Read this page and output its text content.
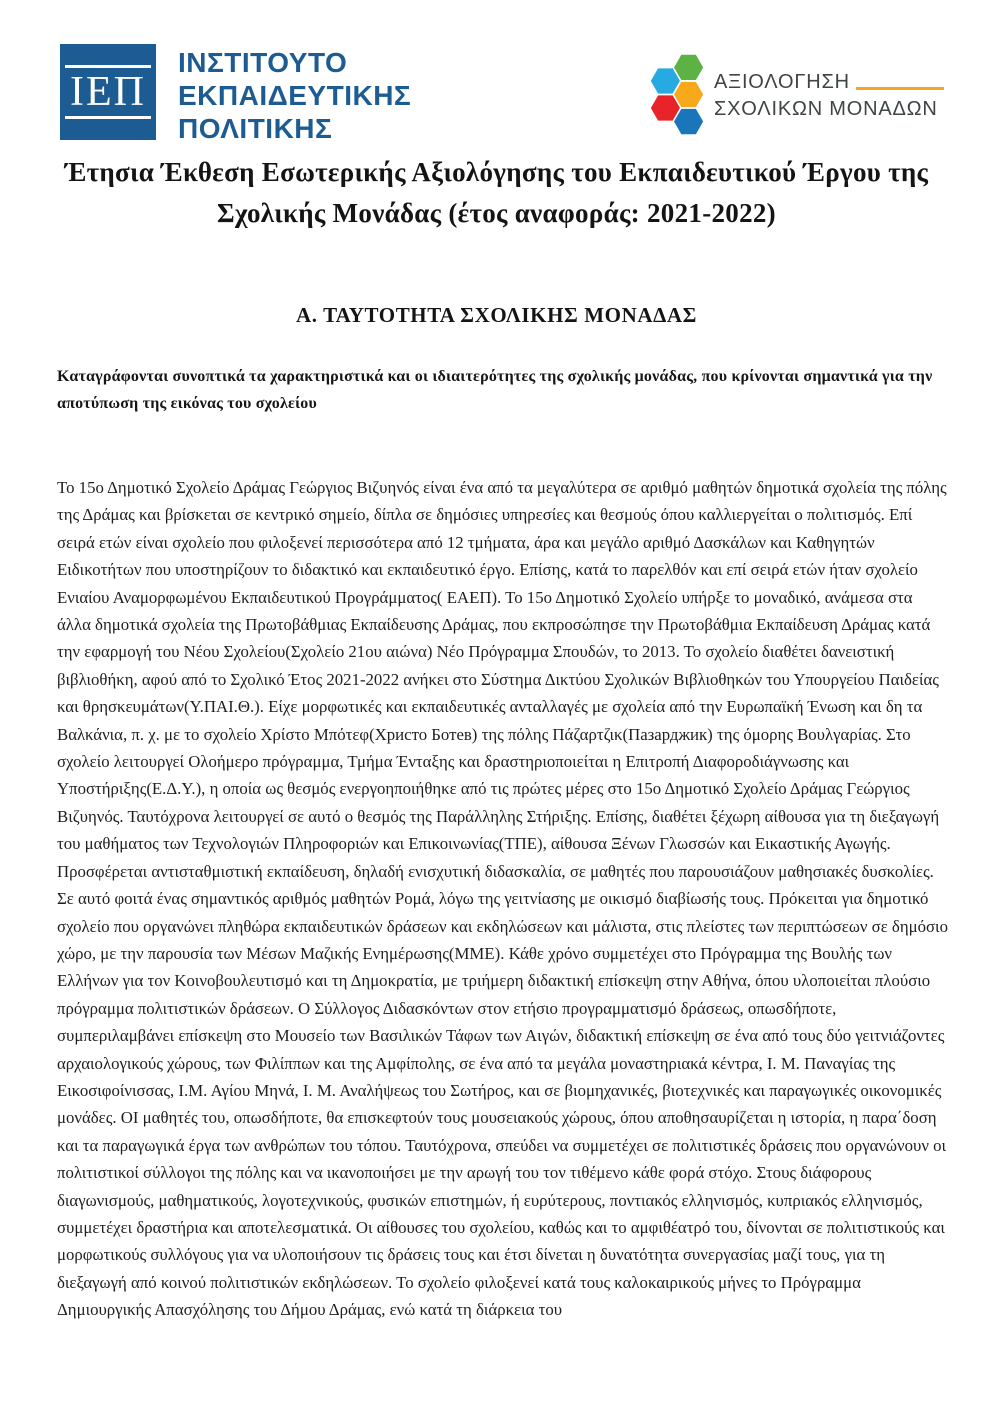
ΙΕΠ
ΙΝΣΤΙΤΟΥΤΟ
ΕΚΠΑΙΔΕΥΤΙΚΗΣ
ΠΟΛΙΤΙΚΗΣ
ΑΞΙΟΛΟΓΗΣΗ
ΣΧΟΛΙΚΩΝ ΜΟΝΑΔΩΝ
Έτησια Έκθεση Εσωτερικής Αξιολόγησης του Εκπαιδευτικού Έργου της Σχολικής Μονάδας (έτος αναφοράς: 2021-2022)
Α. ΤΑΥΤΟΤΗΤΑ ΣΧΟΛΙΚΗΣ ΜΟΝΑΔΑΣ

Καταγράφονται συνοπτικά τα χαρακτηριστικά και οι ιδιαιτερότητες της σχολικής μονάδας, που κρίνονται σημαντικά για την αποτύπωση της εικόνας του σχολείου

Το 15ο Δημοτικό Σχολείο Δράμας Γεώργιος Βιζυηνός είναι ένα από τα μεγαλύτερα σε αριθμό μαθητών δημοτικά σχολεία της πόλης της Δράμας και βρίσκεται σε κεντρικό σημείο, δίπλα σε δημόσιες υπηρεσίες και θεσμούς όπου καλλιεργείται ο πολιτισμός. Επί σειρά ετών είναι σχολείο που φιλοξενεί περισσότερα από 12 τμήματα, άρα και μεγάλο αριθμό Δασκάλων και Καθηγητών Ειδικοτήτων που υποστηρίζουν το διδακτικό και εκπαιδευτικό έργο. Επίσης, κατά το παρελθόν και επί σειρά ετών ήταν σχολείο Ενιαίου Αναμορφωμένου Εκπαιδευτικού Προγράμματος( ΕΑΕΠ). Το 15ο Δημοτικό Σχολείο υπήρξε το μοναδικό, ανάμεσα στα άλλα δημοτικά σχολεία της Πρωτοβάθμιας Εκπαίδευσης Δράμας, που εκπροσώπησε την Πρωτοβάθμια Εκπαίδευση Δράμας κατά την εφαρμογή του Νέου Σχολείου(Σχολείο 21ου αιώνα) Νέο Πρόγραμμα Σπουδών, το 2013. Το σχολείο διαθέτει δανειστική βιβλιοθήκη, αφού από το Σχολικό Έτος 2021-2022 ανήκει στο Σύστημα Δικτύου Σχολικών Βιβλιοθηκών του Υπουργείου Παιδείας και θρησκευμάτων(Υ.ΠΑΙ.Θ.). Είχε μορφωτικές και εκπαιδευτικές ανταλλαγές με σχολεία από την Ευρωπαϊκή Ένωση και δη τα Βαλκάνια, π. χ. με το σχολείο Χρίστο Μπότεφ(Христо Ботев) της πόλης Πάζαρτζικ(Пазарджик) της όμορης Βουλγαρίας. Στο σχολείο λειτουργεί Ολοήμερο πρόγραμμα, Τμήμα Ένταξης και δραστηριοποιείται η Επιτροπή Διαφοροδιάγνωσης και Υποστήριξης(Ε.Δ.Υ.), η οποία ως θεσμός ενεργοηποιήθηκε από τις πρώτες μέρες στο 15ο Δημοτικό Σχολείο Δράμας Γεώργιος Βιζυηνός. Ταυτόχρονα λειτουργεί σε αυτό ο θεσμός της Παράλληλης Στήριξης. Επίσης, διαθέτει ξέχωρη αίθουσα για τη διεξαγωγή του μαθήματος των Τεχνολογιών Πληροφοριών και Επικοινωνίας(ΤΠΕ), αίθουσα Ξένων Γλωσσών και Εικαστικής Αγωγής. Προσφέρεται αντισταθμιστική εκπαίδευση, δηλαδή ενισχυτική διδασκαλία, σε μαθητές που παρουσιάζουν μαθησιακές δυσκολίες. Σε αυτό φοιτά ένας σημαντικός αριθμός μαθητών Ρομά, λόγω της γειτνίασης με οικισμό διαβίωσής τους. Πρόκειται για δημοτικό σχολείο που οργανώνει πληθώρα εκπαιδευτικών δράσεων και εκδηλώσεων και μάλιστα, στις πλείστες των περιπτώσεων σε δημόσιο χώρο, με την παρουσία των Μέσων Μαζικής Ενημέρωσης(ΜΜΕ). Κάθε χρόνο συμμετέχει στο Πρόγραμμα της Βουλής των Ελλήνων για τον Κοινοβουλευτισμό και τη Δημοκρατία, με τριήμερη διδακτική επίσκεψη στην Αθήνα, όπου υλοποιείται πλούσιο πρόγραμμα πολιτιστικών δράσεων. Ο Σύλλογος Διδασκόντων στον ετήσιο προγραμματισμό δράσεως, οπωσδήποτε, συμπεριλαμβάνει επίσκεψη στο Μουσείο των Βασιλικών Τάφων των Αιγών, διδακτική επίσκεψη σε ένα από τους δύο γειτνιάζοντες αρχαιολογικούς χώρους, των Φιλίππων και της Αμφίπολης, σε ένα από τα μεγάλα μοναστηριακά κέντρα, Ι. Μ. Παναγίας της Εικοσιφοίνισσας, Ι.Μ. Αγίου Μηνά, Ι. Μ. Αναλήψεως του Σωτήρος, και σε βιομηχανικές, βιοτεχνικές και παραγωγικές οικονομικές μονάδες. ΟΙ μαθητές του, οπωσδήποτε, θα επισκεφτούν τους μουσειακούς χώρους, όπου αποθησαυρίζεται η ιστορία, η παρα΄δοση και τα παραγωγικά έργα των ανθρώπων του τόπου. Ταυτόχρονα, σπεύδει να συμμετέχει σε πολιτιστικές δράσεις που οργανώνουν οι πολιτιστικοί σύλλογοι της πόλης και να ικανοποιήσει με την αρωγή του τον τιθέμενο κάθε φορά στόχο. Στους διάφορους διαγωνισμούς, μαθηματικούς, λογοτεχνικούς, φυσικών επιστημών, ή ευρύτερους, ποντιακός ελληνισμός, κυπριακός ελληνισμός, συμμετέχει δραστήρια και αποτελεσματικά. Οι αίθουσες του σχολείου, καθώς και το αμφιθέατρό του, δίνονται σε πολιτιστικούς και μορφωτικούς συλλόγους για να υλοποιήσουν τις δράσεις τους και έτσι δίνεται η δυνατότητα συνεργασίας μαζί τους, για τη διεξαγωγή από κοινού πολιτιστικών εκδηλώσεων. Το σχολείο φιλοξενεί κατά τους καλοκαιρικούς μήνες το Πρόγραμμα Δημιουργικής Απασχόλησης του Δήμου Δράμας, ενώ κατά τη διάρκεια του
